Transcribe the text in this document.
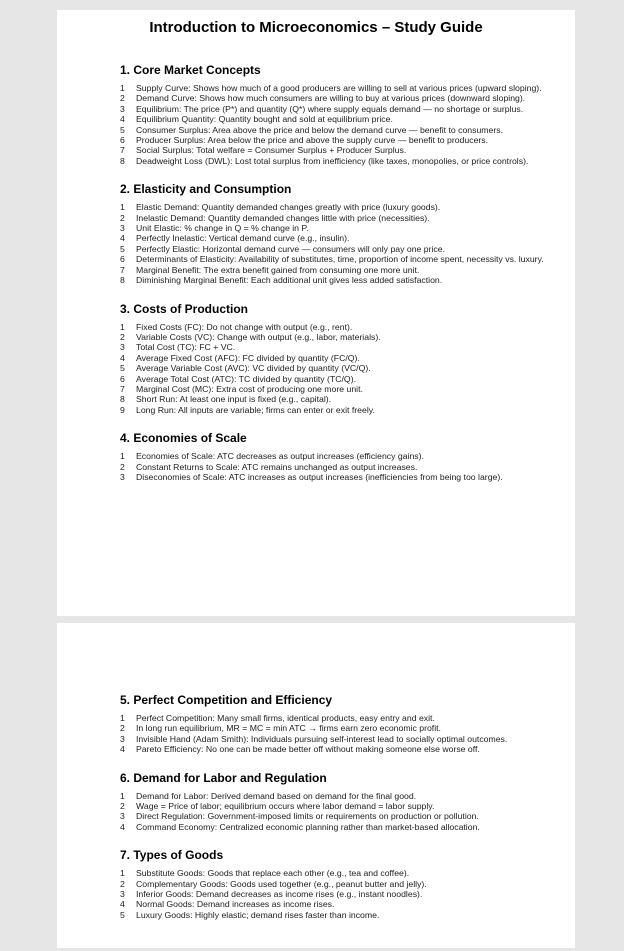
Introduction to Microeconomics – Study Guide
1. Core Market Concepts
1	Supply Curve: Shows how much of a good producers are willing to sell at various prices (upward sloping).
2	Demand Curve: Shows how much consumers are willing to buy at various prices (downward sloping).
3	Equilibrium: The price (P*) and quantity (Q*) where supply equals demand — no shortage or surplus.
4	Equilibrium Quantity: Quantity bought and sold at equilibrium price.
5	Consumer Surplus: Area above the price and below the demand curve — benefit to consumers.
6	Producer Surplus: Area below the price and above the supply curve — benefit to producers.
7	Social Surplus: Total welfare = Consumer Surplus + Producer Surplus.
8	Deadweight Loss (DWL): Lost total surplus from inefficiency (like taxes, monopolies, or price controls).
2. Elasticity and Consumption
1	Elastic Demand: Quantity demanded changes greatly with price (luxury goods).
2	Inelastic Demand: Quantity demanded changes little with price (necessities).
3	Unit Elastic: % change in Q = % change in P.
4	Perfectly Inelastic: Vertical demand curve (e.g., insulin).
5	Perfectly Elastic: Horizontal demand curve — consumers will only pay one price.
6	Determinants of Elasticity: Availability of substitutes, time, proportion of income spent, necessity vs. luxury.
7	Marginal Benefit: The extra benefit gained from consuming one more unit.
8	Diminishing Marginal Benefit: Each additional unit gives less added satisfaction.
3. Costs of Production
1	Fixed Costs (FC): Do not change with output (e.g., rent).
2	Variable Costs (VC): Change with output (e.g., labor, materials).
3	Total Cost (TC): FC + VC.
4	Average Fixed Cost (AFC): FC divided by quantity (FC/Q).
5	Average Variable Cost (AVC): VC divided by quantity (VC/Q).
6	Average Total Cost (ATC): TC divided by quantity (TC/Q).
7	Marginal Cost (MC): Extra cost of producing one more unit.
8	Short Run: At least one input is fixed (e.g., capital).
9	Long Run: All inputs are variable; firms can enter or exit freely.
4. Economies of Scale
1	Economies of Scale: ATC decreases as output increases (efficiency gains).
2	Constant Returns to Scale: ATC remains unchanged as output increases.
3	Diseconomies of Scale: ATC increases as output increases (inefficiencies from being too large).
5. Perfect Competition and Efficiency
1	Perfect Competition: Many small firms, identical products, easy entry and exit.
2	In long run equilibrium, MR = MC = min ATC → firms earn zero economic profit.
3	Invisible Hand (Adam Smith): Individuals pursuing self-interest lead to socially optimal outcomes.
4	Pareto Efficiency: No one can be made better off without making someone else worse off.
6. Demand for Labor and Regulation
1	Demand for Labor: Derived demand based on demand for the final good.
2	Wage = Price of labor; equilibrium occurs where labor demand = labor supply.
3	Direct Regulation: Government-imposed limits or requirements on production or pollution.
4	Command Economy: Centralized economic planning rather than market-based allocation.
7. Types of Goods
1	Substitute Goods: Goods that replace each other (e.g., tea and coffee).
2	Complementary Goods: Goods used together (e.g., peanut butter and jelly).
3	Inferior Goods: Demand decreases as income rises (e.g., instant noodles).
4	Normal Goods: Demand increases as income rises.
5	Luxury Goods: Highly elastic; demand rises faster than income.
